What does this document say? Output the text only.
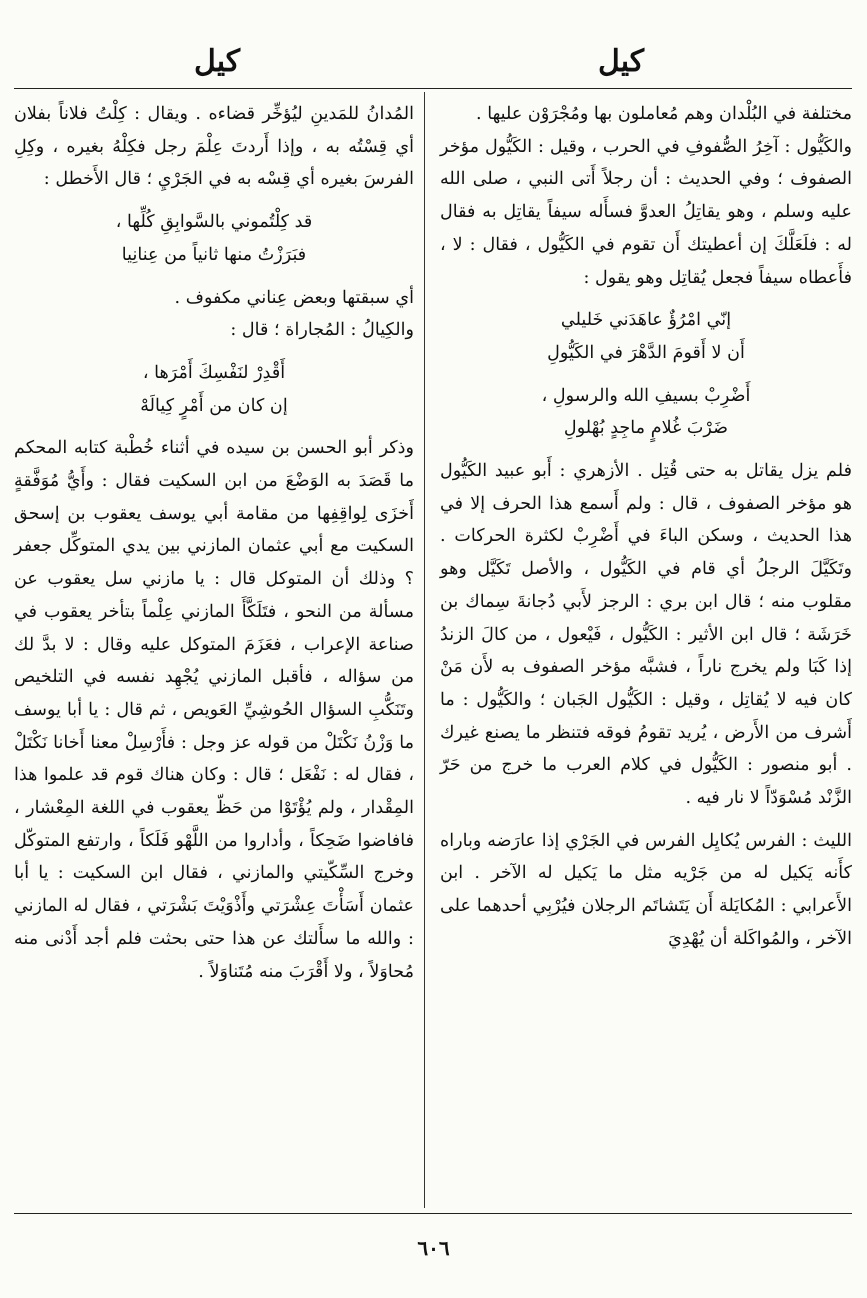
كيل
كيل

مختلفة في البُلْدان وهم مُعاملون بها ومُجْرَوْن عليها .

والكَيُّول : آخِرُ الصُّفوفِ في الحرب ، وقيل : الكَيُّول مؤخر الصفوف ؛ وفي الحديث : أن رجلاً أَتى النبي ، صلى الله عليه وسلم ، وهو يقاتِلُ العدوَّ فسأَله سيفاً يقاتِل به فقال له : فلَعَلَّكَ إن أعطيتك أَن تقوم في الكَيُّول ، فقال : لا ، فأَعطاه سيفاً فجعل يُقاتِل وهو يقول :

إنّي امْرُؤٌ عاهَدَني خَليلي

أَن لا أَقومَ الدَّهْرَ في الكَيُّولِ

أَضْرِبْ بسيفِ الله والرسولِ ،

ضَرْبَ غُلامٍ ماجِدٍ بُهْلولِ

فلم يزل يقاتل به حتى قُتِل . الأزهري : أَبو عبيد الكَيُّول هو مؤخر الصفوف ، قال : ولم أَسمع هذا الحرف إلا في هذا الحديث ، وسكن الباءَ في أَضْرِبْ لكثرة الحركات . وتَكَيَّلَ الرجلُ أي قام في الكَيُّول ، والأصل تَكَيَّل وهو مقلوب منه ؛ قال ابن بري : الرجز لأَبي دُجانةَ سِماك بن خَرَشَة ؛ قال ابن الأثير : الكَيُّول ، فَيْعول ، من كالَ الزندُ إذا كَبَا ولم يخرج ناراً ، فشبَّه مؤخر الصفوف به لأَن مَنْ كان فيه لا يُقاتِل ، وقيل : الكَيُّول الجَبان ؛ والكَيُّول : ما أَشرف من الأَرض ، يُريد تقومُ فوقه فتنظر ما يصنع غيرك . أبو منصور : الكَيُّول في كلام العرب ما خرج من حَرّ الزَّنْد مُسْوَدّاً لا نار فيه .

الليث : الفرس يُكايِل الفرس في الجَرْي إذا عارَضه وباراه كأَنه يَكيل له من جَرْيه مثل ما يَكيل له الآخر . ابن الأَعرابي : المُكايَلة أَن يَتَشاتَم الرجلان فيُرْبِي أحدهما على الآخر ، والمُواكَلة أن يُهْدِيَ

المُدانُ للمَدينِ ليُؤخِّر قضاءه . ويقال : كِلْتُ فلاناً بفلان أي قِسْتُه به ، وإذا أَردتَ عِلْمَ رجل فكِلْهُ بغيره ، وكِلِ الفرسَ بغيره أي قِسْه به في الجَرْيِ ؛ قال الأَخطل :

قد كِلْتُموني بالسَّوابِقِ كُلِّها ،

فبَرَزْتُ منها ثانياً من عِنانِيا

أي سبقتها وبعض عِناني مكفوف .

والكِيالُ : المُجاراة ؛ قال :

أَقْدِرْ لنَفْسِكَ أَمْرَها ،

إن كان من أَمْرٍ كِيالَهْ

وذكر أبو الحسن بن سيده في أثناء خُطْبة كتابه المحكم ما قَصَدَ به الوَضْعَ من ابن السكيت فقال : وأَيُّ مُوَفَّقةٍ أَخزَى لِواقِفِها من مقامة أبي يوسف يعقوب بن إسحق السكيت مع أبي عثمان المازني بين يدي المتوكِّل جعفر ؟ وذلك أن المتوكل قال : يا مازني سل يعقوب عن مسألة من النحو ، فتَلَكَّأَ المازني عِلْماً بتأخر يعقوب في صناعة الإعراب ، فعَزَمَ المتوكل عليه وقال : لا بدَّ لك من سؤاله ، فأقبل المازني يُجْهِد نفسه في التلخيص وتَنَكُّبِ السؤال الحُوشِيِّ العَويص ، ثم قال : يا أبا يوسف ما وَزْنُ نَكْتَلْ من قوله عز وجل : فأَرْسِلْ معنا أَخانا نَكْتَلْ ، فقال له : نَفْعَل ؛ قال : وكان هناك قوم قد علموا هذا المِقْدار ، ولم يُؤْتَوْا من حَظّ يعقوب في اللغة المِعْشار ، فافاضوا ضَحِكاً ، وأداروا من اللَّهْو فَلَكاً ، وارتفع المتوكّل وخرج السِّكّيتي والمازني ، فقال ابن السكيت : يا أبا عثمان أَسَأْتَ عِشْرَتي وأَذْوَيْتَ بَشْرَتي ، فقال له المازني : والله ما سأَلتك عن هذا حتى بحثت فلم أجد أَدْنى منه مُحاوَلاً ، ولا أَقْرَبَ منه مُتَناوَلاً .

٦٠٦
